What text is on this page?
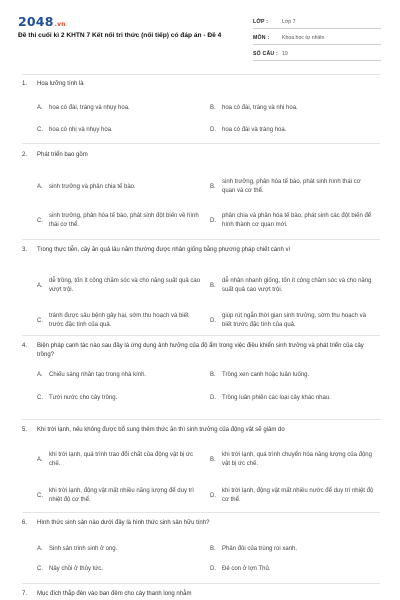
2048.vn
Đề thi cuối kì 2 KHTN 7 Kết nối tri thức (nối tiếp) có đáp án - Đề 4
LỚP :	Lớp 7
MÔN :	Khoa học tự nhiên
SỐ CÂU : 19
1.	Hoa lưỡng tính là
A.	hoa có đài, tràng và nhụy hoa.	B.	hoa có đài, tràng và nhị hoa.
C.	hoa có nhị và nhụy hoa.	D.	hoa có đài và tràng hoa.
2.	Phát triển bao gồm
A.	sinh trưởng và phân chia tế bào.	B.
sinh trưởng, phân hóa tế bào, phát sinh hình thái cơ quan và cơ thể.
C.
sinh trưởng, phân hóa tế bào, phát sinh đột biến về hình thái cơ thể.
D.
phân chia và phân hóa tế bào, phát sinh các đột biến để hình thành cơ quan mới.
3.	Trong thực tiễn, cây ăn quả lâu năm thường được nhân giống bằng phương pháp chiết cành vì
A.
dễ trồng, tốn ít công chăm sóc và cho năng suất quả cao vượt trội.
B.
dễ nhân nhanh giống, tốn ít công chăm sóc và cho năng suất quả cao vượt trội.
C.
tránh được sâu bệnh gây hại, sớm thu hoạch và biết trước đặc tính của quả.
D.
giúp rút ngắn thời gian sinh trưởng, sớm thu hoạch và biết trước đặc tính của quả.
4.	Biện pháp canh tác nào sau đây là ứng dụng ảnh hưởng của độ ẩm trong việc điều khiển sinh trưởng và phát triển của cây trồng?
A.	Chiếu sáng nhân tạo trong nhà kính.	B.	Trồng xen canh hoặc luân luống.
C.	Tưới nước cho cây trồng.	D.	Trồng luân phiên các loại cây khác nhau.
5.	Khi trời lạnh, nếu không được bổ sung thêm thức ăn thì sinh trưởng của động vật sẽ giảm do
A.
khi trời lạnh, quá trình trao đổi chất của động vật bị ức chế.
B.
khi trời lạnh, quá trình chuyển hóa năng lượng của động vật bị ức chế.
C.
khi trời lạnh, động vật mất nhiều năng lượng để duy trì nhiệt độ cơ thể.
D.
khi trời lạnh, động vật mất nhiều nước để duy trì nhiệt độ cơ thể.
6.	Hình thức sinh sản nào dưới đây là hình thức sinh sản hữu tính?
A.	Sinh sản trinh sinh ở ong.	B.	Phân đôi của trùng roi xanh.
C.	Nảy chồi ở thủy tức.	D.	Đẻ con ở lợn Thủ.
7.	Mục đích thắp đèn vào ban đêm cho cây thanh long nhằm
